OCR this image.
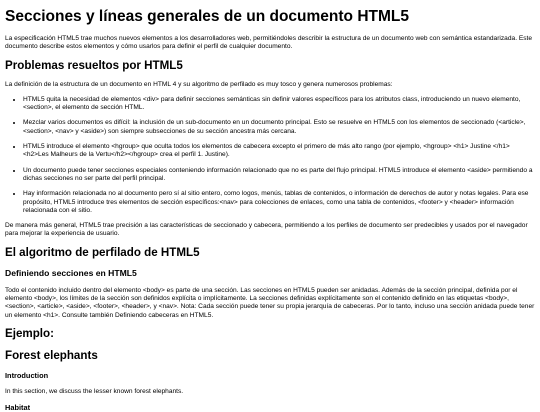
Secciones y líneas generales de un documento HTML5

La especificación HTML5 trae muchos nuevos elementos a los desarrolladores web, permitiéndoles describir la estructura de un documento web con semántica estandarizada. Este documento describe estos elementos y cómo usarlos para definir el perfil de cualquier documento.

Problemas resueltos por HTML5

La definición de la estructura de un documento en HTML 4 y su algoritmo de perfilado es muy tosco y genera numerosos problemas:

• HTML5 quita la necesidad de elementos <div> para definir secciones semánticas sin definir valores específicos para los atributos class, introduciendo un nuevo elemento, <section>, el elemento de sección HTML.
• Mezclar varios documentos es difícil: la inclusión de un sub-documento en un documento principal. Esto se resuelve en HTML5 con los elementos de seccionado (<article>, <section>, <nav> y <aside>) son siempre subsecciones de su sección ancestra más cercana.
• HTML5 introduce el elemento <hgroup> que oculta todos los elementos de cabecera excepto el primero de más alto rango (por ejemplo, <hgroup> <h1> Justine </h1> <h2>Les Malheurs de la Vertu</h2></hgroup> crea el perfil 1. Justine).
• Un documento puede tener secciones especiales conteniendo información relacionado que no es parte del flujo principal. HTML5 introduce el elemento <aside> permitiendo a dichas secciones no ser parte del perfil principal.
• Hay información relacionada no al documento pero sí al sitio entero, como logos, menús, tablas de contenidos, o información de derechos de autor y notas legales. Para ese propósito, HTML5 introduce tres elementos de sección específicos:<nav> para colecciones de enlaces, como una tabla de contenidos, <footer> y <header> información relacionada con el sitio.

De manera más general, HTML5 trae precisión a las características de seccionado y cabecera, permitiendo a los perfiles de documento ser predecibles y usados por el navegador para mejorar la experiencia de usuario.

El algoritmo de perfilado de HTML5
Definiendo secciones en HTML5

Todo el contenido incluido dentro del elemento <body> es parte de una sección. Las secciones en HTML5 pueden ser anidadas. Además de la sección principal, definida por el elemento <body>, los límites de la sección son definidos explícita o implícitamente. La secciones definidas explícitamente son el contenido definido en las etiquetas <body>, <section>, <article>, <aside>, <footer>, <header>, y <nav>. Nota: Cada sección puede tener su propia jerarquía de cabeceras. Por lo tanto, incluso una sección anidada puede tener un elemento <h1>. Consulte también Definiendo cabeceras en HTML5.

Ejemplo:
Forest elephants
Introduction

In this section, we discuss the lesser known forest elephants.

Habitat
